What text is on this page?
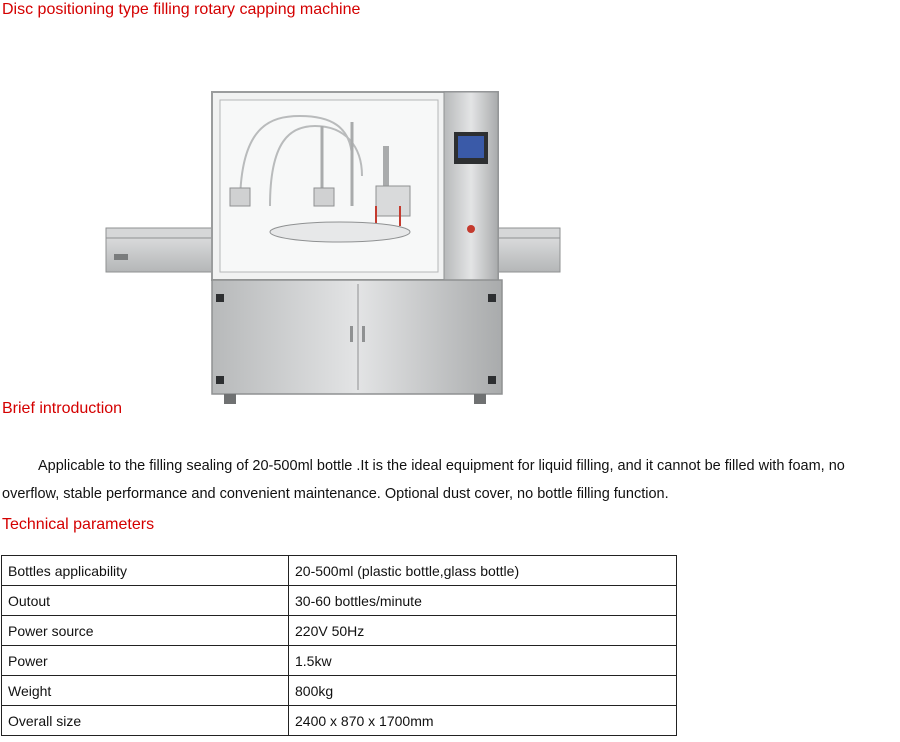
Disc positioning type filling rotary capping machine
Brief introduction

Applicable to the filling sealing of 20-500ml bottle .It is the ideal equipment for liquid filling, and it cannot be filled with foam, no overflow, stable performance and convenient maintenance. Optional dust cover, no bottle filling function.

Technical parameters
Bottles applicability	20-500ml (plastic bottle,glass bottle)
Outout	30-60 bottles/minute
Power source	220V 50Hz
Power	1.5kw
Weight	800kg
Overall size	2400 x 870 x 1700mm
